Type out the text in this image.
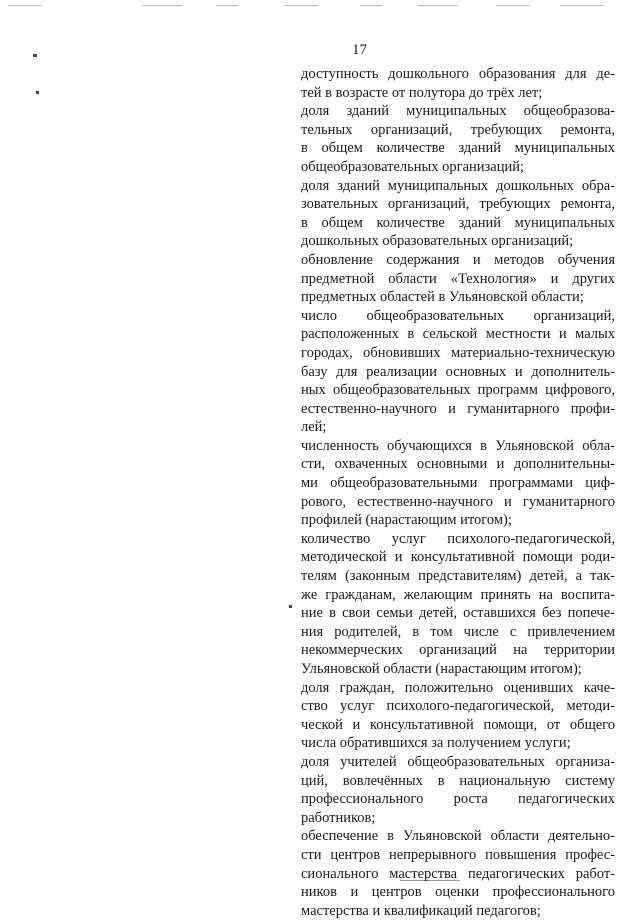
17
доступность дошкольного образования для де-
тей в возрасте от полутора до трёх лет;
доля зданий муниципальных общеобразова-
тельных организаций, требующих ремонта,
в общем количестве зданий муниципальных
общеобразовательных организаций;
доля зданий муниципальных дошкольных обра-
зовательных организаций, требующих ремонта,
в общем количестве зданий муниципальных
дошкольных образовательных организаций;
обновление содержания и методов обучения
предметной области «Технология» и других
предметных областей в Ульяновской области;
число общеобразовательных организаций,
расположенных в сельской местности и малых
городах, обновивших материально-техническую
базу для реализации основных и дополнитель-
ных общеобразовательных программ цифрового,
естественно-научного и гуманитарного профи-
лей;
численность обучающихся в Ульяновской обла-
сти, охваченных основными и дополнительны-
ми общеобразовательными программами циф-
рового, естественно-научного и гуманитарного
профилей (нарастающим итогом);
количество услуг психолого-педагогической,
методической и консультативной помощи роди-
телям (законным представителям) детей, а так-
же гражданам, желающим принять на воспита-
ние в свои семьи детей, оставшихся без попече-
ния родителей, в том числе с привлечением
некоммерческих организаций на территории
Ульяновской области (нарастающим итогом);
доля граждан, положительно оценивших каче-
ство услуг психолого-педагогической, методи-
ческой и консультативной помощи, от общего
числа обратившихся за получением услуги;
доля учителей общеобразовательных организа-
ций, вовлечённых в национальную систему
профессионального роста педагогических
работников;
обеспечение в Ульяновской области деятельно-
сти центров непрерывного повышения профес-
сионального мастерства педагогических работ-
ников и центров оценки профессионального
мастерства и квалификаций педагогов;
